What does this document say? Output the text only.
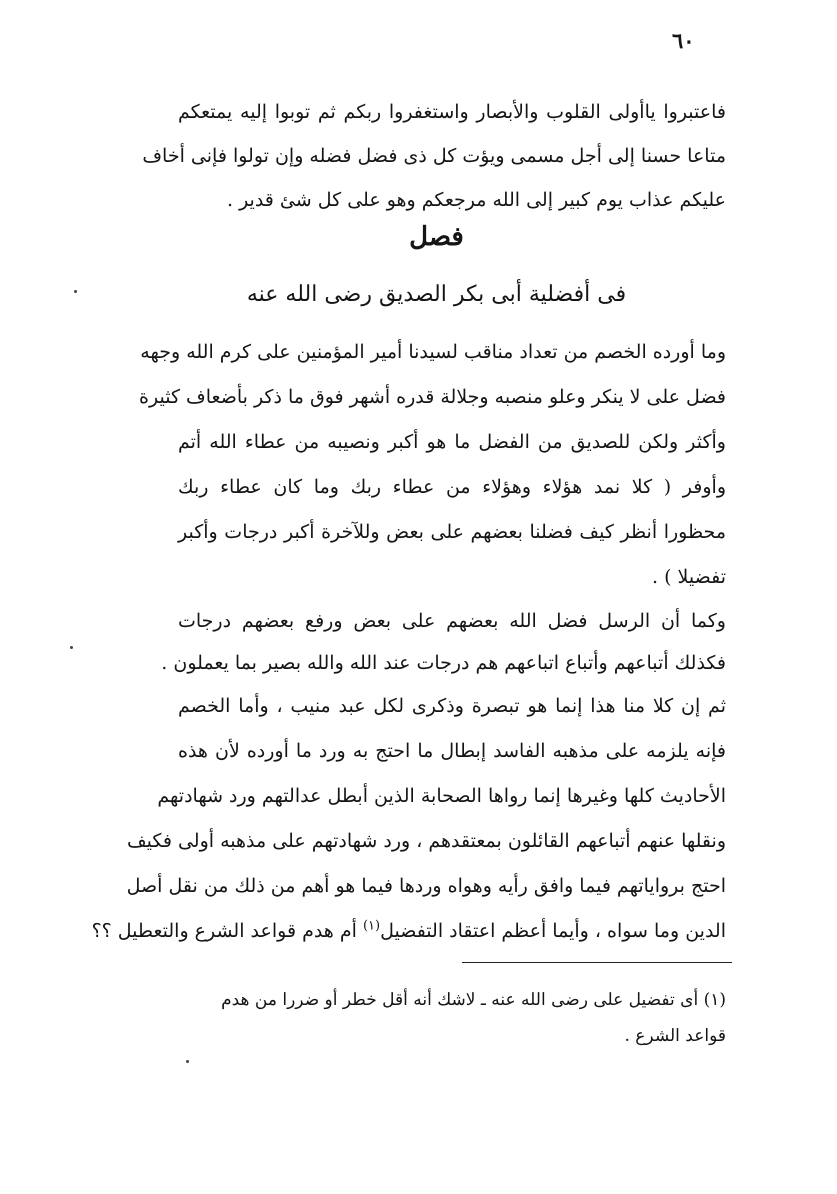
٦٠
فاعتبروا ياأولى القلوب والأبصار واستغفروا ربكم ثم توبوا إليه يمتعكم
متاعا حسنا إلى أجل مسمى ويؤت كل ذى فضل فضله وإن تولوا فإنى أخاف
عليكم عذاب يوم كبير إلى الله مرجعكم وهو على كل شئ قدير .
فصل
فى أفضلية أبى بكر الصديق رضى الله عنه
وما أورده الخصم من تعداد مناقب لسيدنا أمير المؤمنين على كرم الله وجهه
فضل على لا ينكر وعلو منصبه وجلالة قدره أشهر فوق ما ذكر بأضعاف كثيرة
وأكثر ولكن للصديق من الفضل ما هو أكبر ونصيبه من عطاء الله أتم
وأوفر ( كلا نمد هؤلاء وهؤلاء من عطاء ربك وما كان عطاء ربك
محظورا أنظر كيف فضلنا بعضهم على بعض وللآخرة أكبر درجات وأكبر
تفضيلا ) .
وكما أن الرسل فضل الله بعضهم على بعض ورفع بعضهم درجات
فكذلك أتباعهم وأتباع اتباعهم هم درجات عند الله والله بصير بما يعملون .
ثم إن كلا منا هذا إنما هو تبصرة وذكرى لكل عبد منيب ، وأما الخصم
فإنه يلزمه على مذهبه الفاسد إبطال ما احتج به ورد ما أورده لأن هذه
الأحاديث كلها وغيرها إنما رواها الصحابة الذين أبطل عدالتهم ورد شهادتهم
ونقلها عنهم أتباعهم القائلون بمعتقدهم ، ورد شهادتهم على مذهبه أولى فكيف
احتج برواياتهم فيما وافق رأيه وهواه وردها فيما هو أهم من ذلك من نقل أصل
الدين وما سواه ، وأيما أعظم اعتقاد التفضيل$^{(١)}$ أم هدم قواعد الشرع والتعطيل ؟؟
(١) أى تفضيل على رضى الله عنه ـ لاشك أنه أقل خطر أو ضررا من هدم
قواعد الشرع .
